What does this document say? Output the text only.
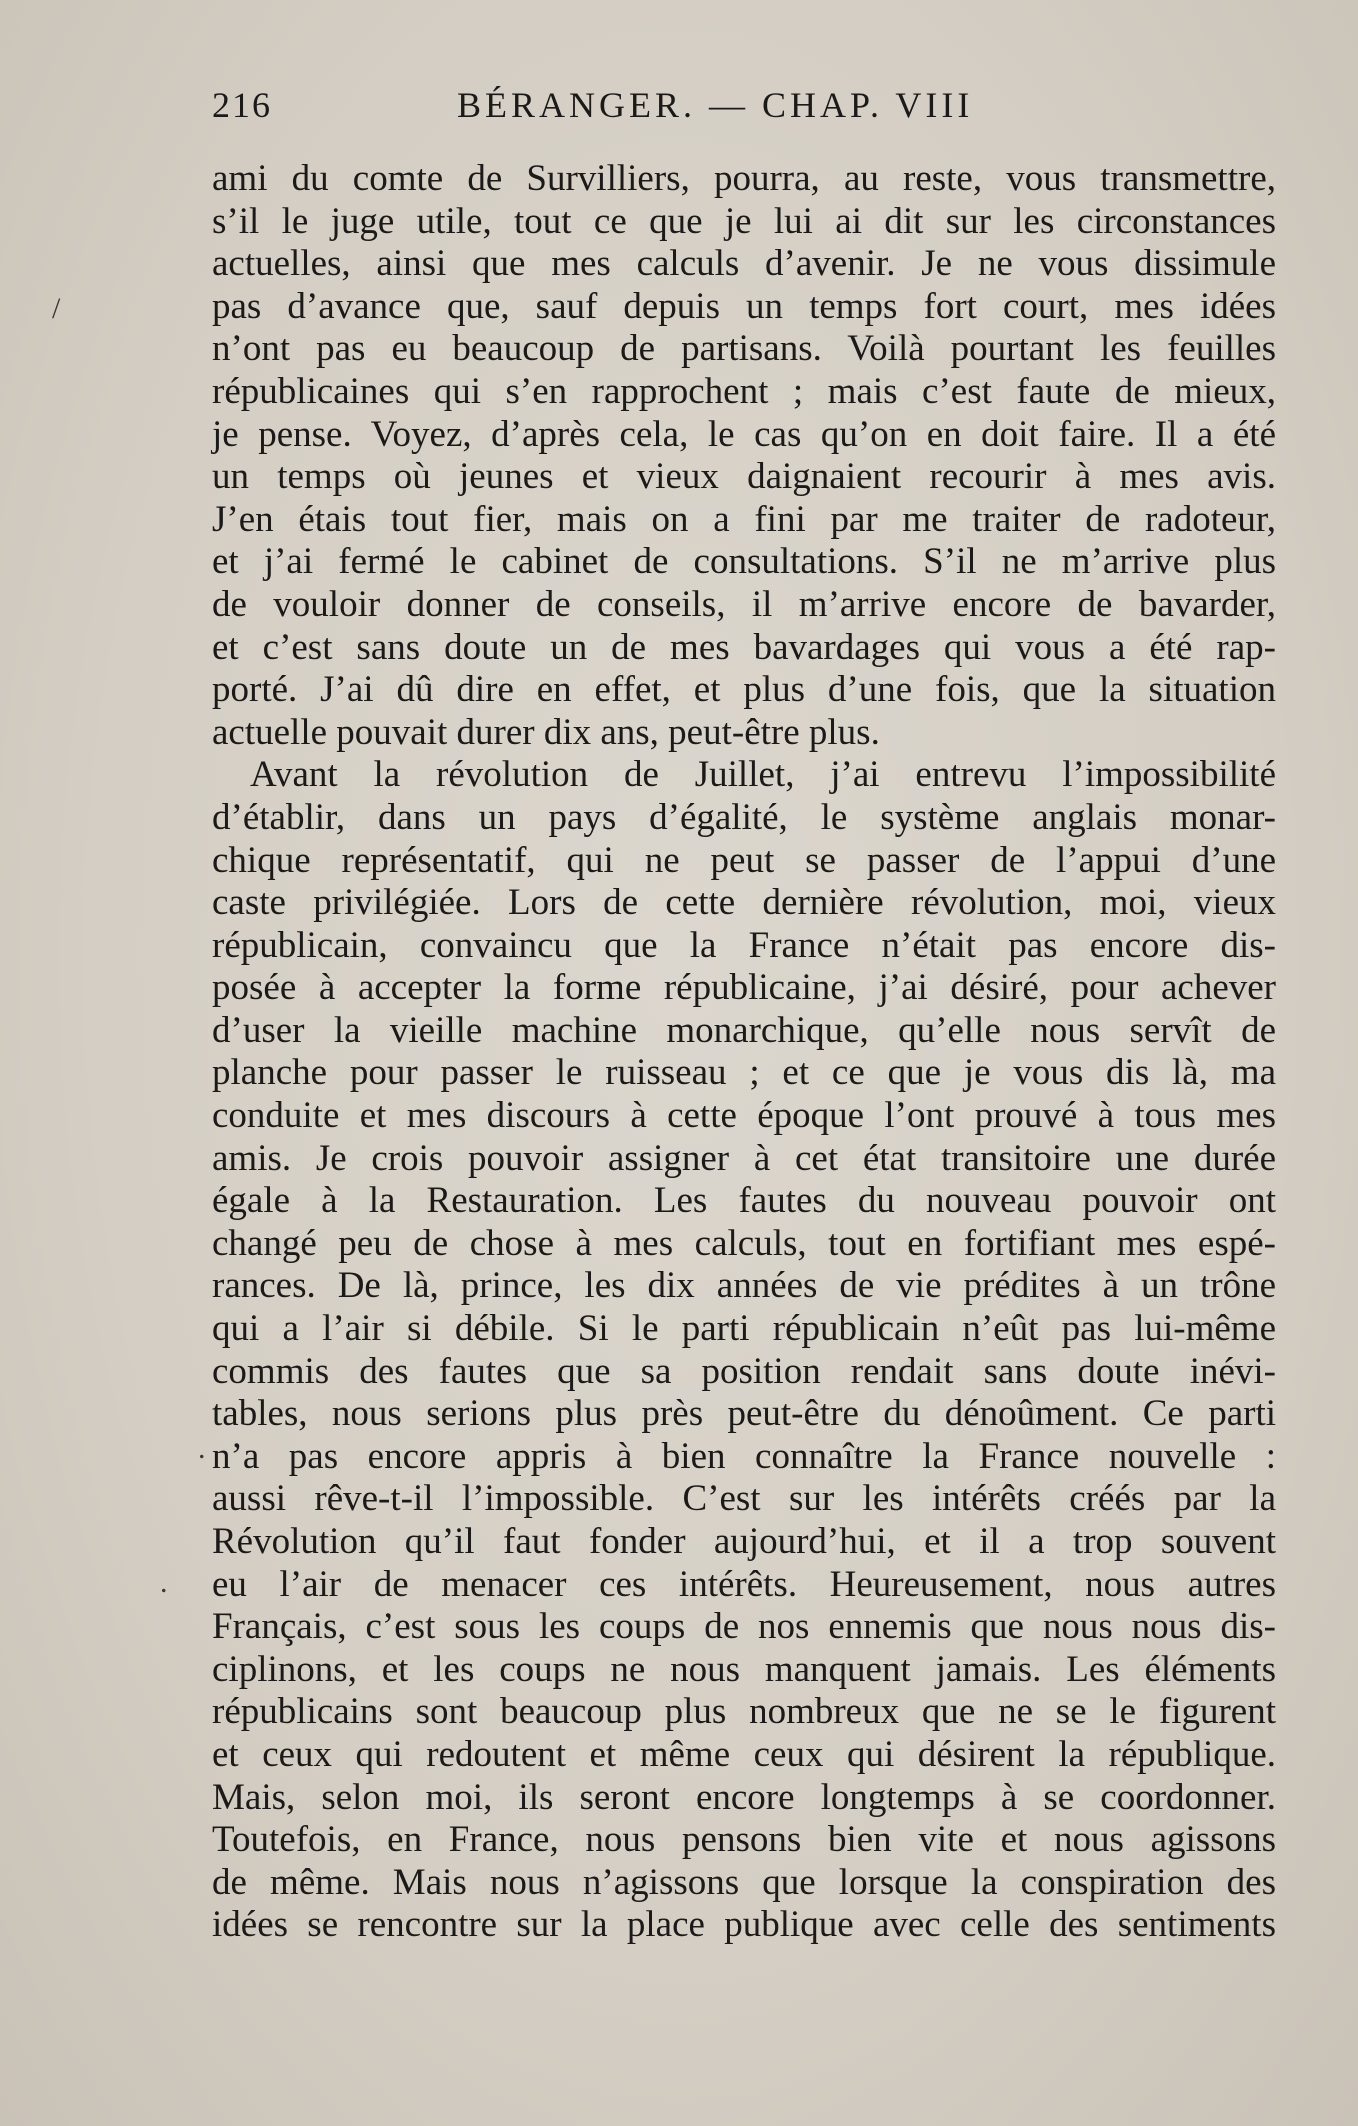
216	BÉRANGER. — CHAP. VIII
/
.
.
ami du comte de Survilliers, pourra, au reste, vous transmettre,
s’il le juge utile, tout ce que je lui ai dit sur les circonstances
actuelles, ainsi que mes calculs d’avenir. Je ne vous dissimule
pas d’avance que, sauf depuis un temps fort court, mes idées
n’ont pas eu beaucoup de partisans. Voilà pourtant les feuilles
républicaines qui s’en rapprochent ; mais c’est faute de mieux,
je pense. Voyez, d’après cela, le cas qu’on en doit faire. Il a été
un temps où jeunes et vieux daignaient recourir à mes avis.
J’en étais tout fier, mais on a fini par me traiter de radoteur,
et j’ai fermé le cabinet de consultations. S’il ne m’arrive plus
de vouloir donner de conseils, il m’arrive encore de bavarder,
et c’est sans doute un de mes bavardages qui vous a été rap-
porté. J’ai dû dire en effet, et plus d’une fois, que la situation
actuelle pouvait durer dix ans, peut-être plus.
Avant la révolution de Juillet, j’ai entrevu l’impossibilité
d’établir, dans un pays d’égalité, le système anglais monar-
chique représentatif, qui ne peut se passer de l’appui d’une
caste privilégiée. Lors de cette dernière révolution, moi, vieux
républicain, convaincu que la France n’était pas encore dis-
posée à accepter la forme républicaine, j’ai désiré, pour achever
d’user la vieille machine monarchique, qu’elle nous servît de
planche pour passer le ruisseau ; et ce que je vous dis là, ma
conduite et mes discours à cette époque l’ont prouvé à tous mes
amis. Je crois pouvoir assigner à cet état transitoire une durée
égale à la Restauration. Les fautes du nouveau pouvoir ont
changé peu de chose à mes calculs, tout en fortifiant mes espé-
rances. De là, prince, les dix années de vie prédites à un trône
qui a l’air si débile. Si le parti républicain n’eût pas lui-même
commis des fautes que sa position rendait sans doute inévi-
tables, nous serions plus près peut-être du dénoûment. Ce parti
n’a pas encore appris à bien connaître la France nouvelle :
aussi rêve-t-il l’impossible. C’est sur les intérêts créés par la
Révolution qu’il faut fonder aujourd’hui, et il a trop souvent
eu l’air de menacer ces intérêts. Heureusement, nous autres
Français, c’est sous les coups de nos ennemis que nous nous dis-
ciplinons, et les coups ne nous manquent jamais. Les éléments
républicains sont beaucoup plus nombreux que ne se le figurent
et ceux qui redoutent et même ceux qui désirent la république.
Mais, selon moi, ils seront encore longtemps à se coordonner.
Toutefois, en France, nous pensons bien vite et nous agissons
de même. Mais nous n’agissons que lorsque la conspiration des
idées se rencontre sur la place publique avec celle des sentiments
